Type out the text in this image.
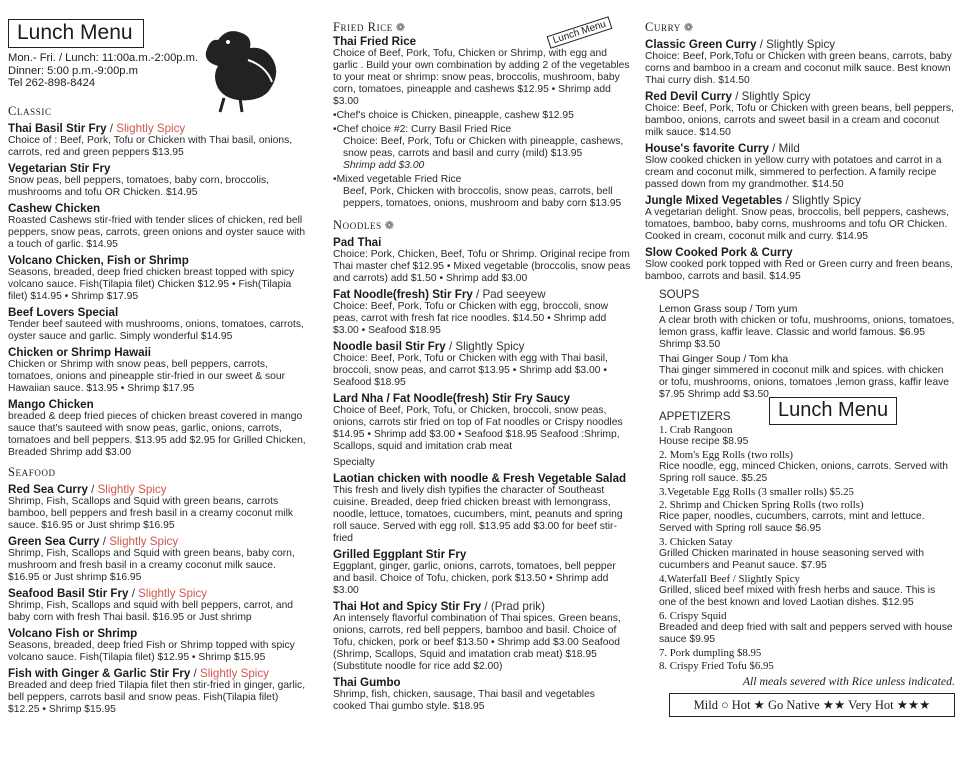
Lunch Menu
Mon.- Fri. / Lunch: 11:00a.m.-2:00p.m.
Dinner: 5:00 p.m.-9:00p.m
Tel 262-898-8424
Classic
Thai Basil Stir Fry / Slightly Spicy
Choice of : Beef, Pork, Tofu or Chicken with Thai basil, onions, carrots, red and green peppers $13.95
Vegetarian Stir Fry
Snow peas, bell peppers, tomatoes, baby corn, broccolis, mushrooms and tofu OR Chicken. $14.95
Cashew Chicken
Roasted Cashews stir-fried with tender slices of chicken, red bell peppers, snow peas, carrots, green onions and oyster sauce with a touch of garlic. $14.95
Volcano Chicken, Fish or Shrimp
Seasons, breaded, deep fried chicken breast topped with spicy volcano sauce. Fish(Tilapia filet) Chicken $12.95 • Fish(Tilapia filet) $14.95 • Shrimp $17.95
Beef Lovers Special
Tender beef sauteed with mushrooms, onions, tomatoes, carrots, oyster sauce and garlic. Simply wonderful $14.95
Chicken or Shrimp Hawaii
Chicken or Shrimp with snow peas, bell peppers, carrots, tomatoes, onions and pineapple stir-fried in our sweet & sour Hawaiian sauce. $13.95 • Shrimp $17.95
Mango Chicken
breaded & deep fried pieces of chicken breast covered in mango sauce that's sauteed with snow peas, garlic, onions, carrots, tomatoes and bell peppers. $13.95 add $2.95 for Grilled Chicken, Breaded Shrimp add $3.00
Seafood
Red Sea Curry / Slightly Spicy
Shrimp, Fish, Scallops and Squid with green beans, carrots bamboo, bell peppers and fresh basil in a creamy coconut milk sauce. $16.95 or Just shrimp $16.95
Green Sea Curry / Slightly Spicy
Shrimp, Fish, Scallops and Squid with green beans, baby corn, mushroom and fresh basil in a creamy coconut milk sauce. $16.95 or Just shrimp $16.95
Seafood Basil Stir Fry / Slightly Spicy
Shrimp, Fish, Scallops and squid with bell peppers, carrot, and baby corn with fresh Thai basil. $16.95 or Just shrimp
Volcano Fish or Shrimp
Seasons, breaded, deep fried Fish or Shrimp topped with spicy volcano sauce. Fish(Tilapia filet) $12.95 • Shrimp $15.95
Fish with Ginger & Garlic Stir Fry / Slightly Spicy
Breaded and deep fried Tilapia filet then stir-fried in ginger, garlic, bell peppers, carrots basil and snow peas. Fish(Tilapia filet) $12.25 • Shrimp $15.95
Lunch Menu
Fried Rice ❁
Thai Fried Rice
Choice of Beef, Pork, Tofu, Chicken or Shrimp, with egg and garlic . Build your own combination by adding 2 of the vegetables to your meat or shrimp: snow peas, broccolis, mushroom, baby corn, tomatoes, pineapple and cashews $12.95 • Shrimp add $3.00
• Chef's choice is Chicken, pineapple, cashew $12.95
• Chef choice #2: Curry Basil Fried Rice
Choice: Beef, Pork, Tofu or Chicken with pineapple, cashews, snow peas, carrots and basil and curry (mild) $13.95
Shrimp add $3.00
• Mixed vegetable Fried Rice
Beef, Pork, Chicken with broccolis, snow peas, carrots, bell peppers, tomatoes, onions, mushroom and baby corn $13.95
Noodles ❁
Pad Thai
Choice: Pork, Chicken, Beef, Tofu or Shrimp. Original recipe from Thai master chef $12.95 • Mixed vegetable (broccolis, snow peas and carrots) add $1.50 • Shrimp add $3.00
Fat Noodle(fresh) Stir Fry / Pad seeyew
Choice: Beef, Pork, Tofu or Chicken with egg, broccoli, snow peas, carrot with fresh fat rice noodles. $14.50 • Shrimp add $3.00 • Seafood $18.95
Noodle basil Stir Fry / Slightly Spicy
Choice: Beef, Pork, Tofu or Chicken with egg with Thai basil, broccoli, snow peas, and carrot $13.95 • Shrimp add $3.00 • Seafood $18.95
Lard Nha / Fat Noodle(fresh) Stir Fry Saucy
Choice of Beef, Pork, Tofu, or Chicken, broccoli, snow peas, onions, carrots stir fried on top of Fat noodles or Crispy noodles $14.95 • Shrimp add $3.00 • Seafood $18.95 Seafood :Shrimp, Scallops, squid and imitation crab meat
Specialty
Laotian chicken with noodle & Fresh Vegetable Salad
This fresh and lively dish typifies the character of Southeast cuisine. Breaded, deep fried chicken breast with lemongrass, noodle, lettuce, tomatoes, cucumbers, mint, peanuts and spring roll sauce. Served with egg roll. $13.95 add $3.00 for beef stir-fried
Grilled Eggplant Stir Fry
Eggplant, ginger, garlic, onions, carrots, tomatoes, bell pepper and basil. Choice of Tofu, chicken, pork $13.50 • Shrimp add $3.00
Thai Hot and Spicy Stir Fry / (Prad prik)
An intensely flavorful combination of Thai spices. Green beans, onions, carrots, red bell peppers, bamboo and basil. Choice of Tofu, chicken, pork or beef $13.50 • Shrimp add $3.00 Seafood (Shrimp, Scallops, Squid and imatation crab meat) $18.95 (Substitute noodle for rice add $2.00)
Thai Gumbo
Shrimp, fish, chicken, sausage, Thai basil and vegetables cooked Thai gumbo style. $18.95
Curry ❁
Classic Green Curry / Slightly Spicy
Choice: Beef, Pork,Tofu or Chicken with green beans, carrots, baby corns and bamboo in a cream and coconut milk sauce. Best known Thai curry dish. $14.50
Red Devil Curry / Slightly Spicy
Choice: Beef, Pork, Tofu or Chicken with green beans, bell peppers, bamboo, onions, carrots and sweet basil in a cream and coconut milk sauce. $14.50
House's favorite Curry / Mild
Slow cooked chicken in yellow curry with potatoes and carrot in a cream and coconut milk, simmered to perfection. A family recipe passed down from my grandmother. $14.50
Jungle Mixed Vegetables / Slightly Spicy
A vegetarian delight. Snow peas, broccolis, bell peppers, cashews, tomatoes, bamboo, baby corns, mushrooms and tofu OR Chicken. Cooked in cream, coconut milk and curry. $14.95
Slow Cooked Pork & Curry
Slow cooked pork topped with Red or Green curry and freen beans, bamboo, carrots and basil. $14.95
SOUPS
Lemon Grass soup / Tom yum
A clear broth with chicken or tofu, mushrooms, onions, tomatoes, lemon grass, kaffir leave. Classic and world famous. $6.95 Shrimp $3.50
Thai Ginger Soup / Tom kha
Thai ginger simmered in coconut milk and spices. with chicken or tofu, mushrooms, onions, tomatoes ,lemon grass, kaffir leave $7.95 Shrimp add $3.50
APPETIZERS	Lunch Menu
1. Crab Rangoon
House recipe $8.95
2. Mom's Egg Rolls (two rolls)
Rice noodle, egg, minced Chicken, onions, carrots. Served with Spring roll sauce. $5.25
3.Vegetable Egg Rolls (3 smaller rolls) $5.25
2. Shrimp and Chicken Spring Rolls (two rolls)
Rice paper, noodles, cucumbers, carrots, mint and lettuce. Served with Spring roll sauce $6.95
3. Chicken Satay
Grilled Chicken marinated in house seasoning served with cucumbers and Peanut sauce. $7.95
4.Waterfall Beef / Slightly Spicy
Grilled, sliced beef mixed with fresh herbs and sauce. This is one of the best known and loved Laotian dishes. $12.95
6. Crispy Squid
Breaded and deep fried with salt and peppers served with house sauce $9.95
7. Pork dumpling $8.95
8. Crispy Fried Tofu $6.95
All meals severed with Rice unless indicated.
Mild ○ Hot ★ Go Native ★★ Very Hot ★★★
